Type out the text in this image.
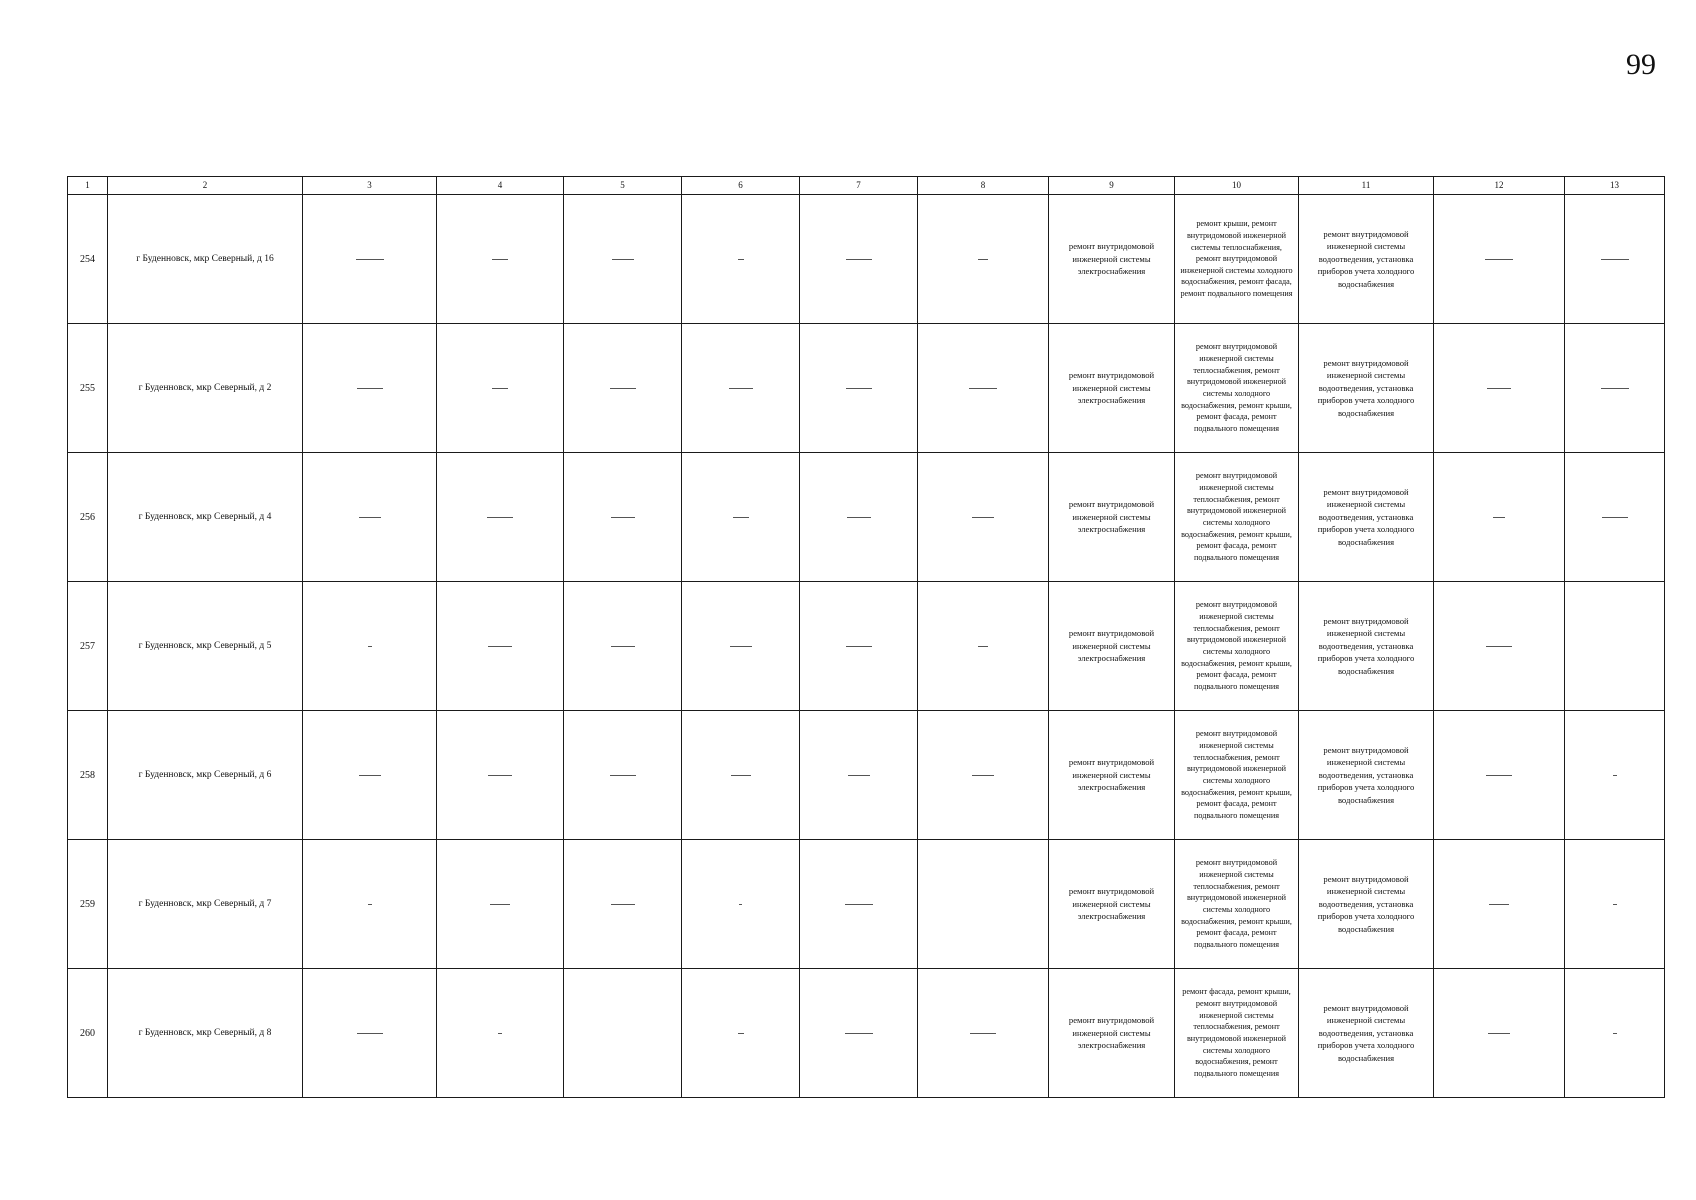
99
1	2	3	4	5	6	7	8	9	10	11	12	13
254	г Буденновск, мкр Северный, д 16							ремонт внутридомовой инженерной системы электроснабжения	ремонт крыши, ремонт внутридомовой инженерной системы теплоснабжения, ремонт внутридомовой инженерной системы холодного водоснабжения, ремонт фасада, ремонт подвального помещения	ремонт внутридомовой инженерной системы водоотведения, установка приборов учета холодного водоснабжения		
255	г Буденновск, мкр Северный, д 2							ремонт внутридомовой инженерной системы электроснабжения	ремонт внутридомовой инженерной системы теплоснабжения, ремонт внутридомовой инженерной системы холодного водоснабжения, ремонт крыши, ремонт фасада, ремонт подвального помещения	ремонт внутридомовой инженерной системы водоотведения, установка приборов учета холодного водоснабжения		
256	г Буденновск, мкр Северный, д 4							ремонт внутридомовой инженерной системы электроснабжения	ремонт внутридомовой инженерной системы теплоснабжения, ремонт внутридомовой инженерной системы холодного водоснабжения, ремонт крыши, ремонт фасада, ремонт подвального помещения	ремонт внутридомовой инженерной системы водоотведения, установка приборов учета холодного водоснабжения		
257	г Буденновск, мкр Северный, д 5							ремонт внутридомовой инженерной системы электроснабжения	ремонт внутридомовой инженерной системы теплоснабжения, ремонт внутридомовой инженерной системы холодного водоснабжения, ремонт крыши, ремонт фасада, ремонт подвального помещения	ремонт внутридомовой инженерной системы водоотведения, установка приборов учета холодного водоснабжения		
258	г Буденновск, мкр Северный, д 6							ремонт внутридомовой инженерной системы электроснабжения	ремонт внутридомовой инженерной системы теплоснабжения, ремонт внутридомовой инженерной системы холодного водоснабжения, ремонт крыши, ремонт фасада, ремонт подвального помещения	ремонт внутридомовой инженерной системы водоотведения, установка приборов учета холодного водоснабжения		
259	г Буденновск, мкр Северный, д 7							ремонт внутридомовой инженерной системы электроснабжения	ремонт внутридомовой инженерной системы теплоснабжения, ремонт внутридомовой инженерной системы холодного водоснабжения, ремонт крыши, ремонт фасада, ремонт подвального помещения	ремонт внутридомовой инженерной системы водоотведения, установка приборов учета холодного водоснабжения		
260	г Буденновск, мкр Северный, д 8							ремонт внутридомовой инженерной системы электроснабжения	ремонт фасада, ремонт крыши, ремонт внутридомовой инженерной системы теплоснабжения, ремонт внутридомовой инженерной системы холодного водоснабжения, ремонт подвального помещения	ремонт внутридомовой инженерной системы водоотведения, установка приборов учета холодного водоснабжения		
